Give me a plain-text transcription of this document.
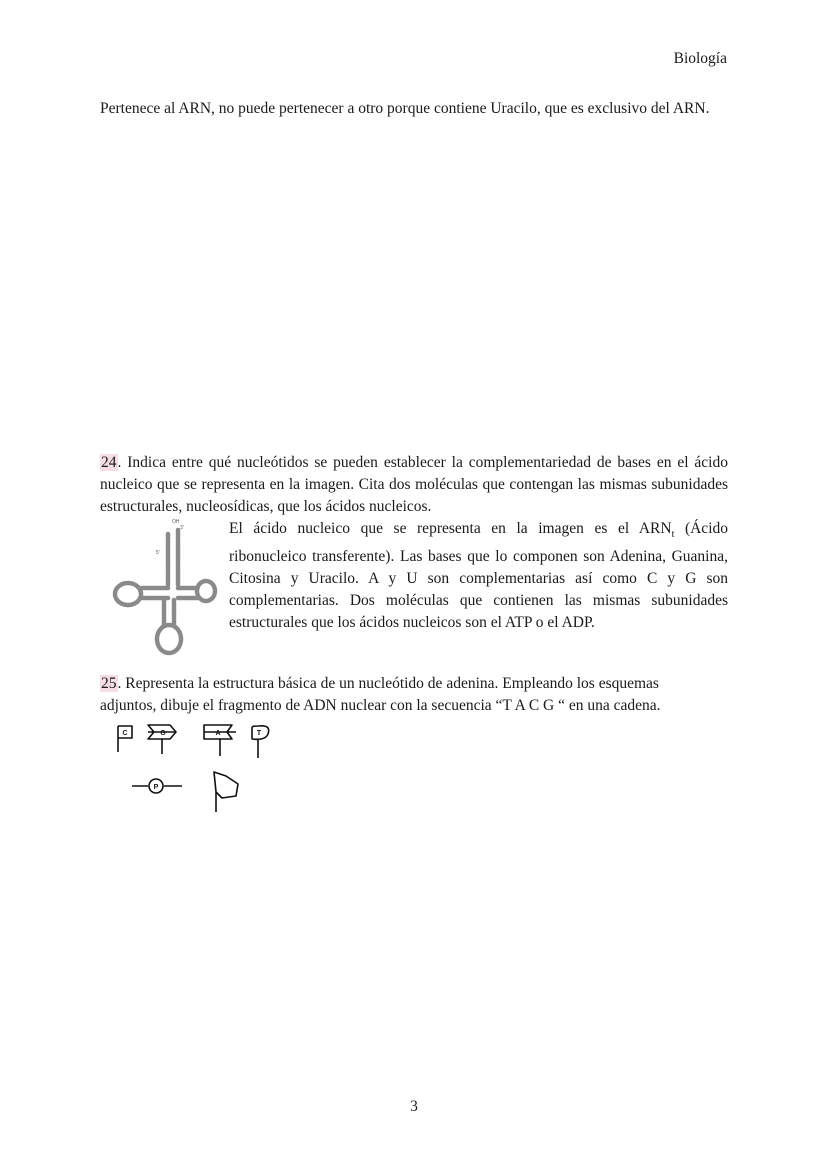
Biología
Pertenece al ARN, no puede pertenecer a otro porque contiene Uracilo, que es exclusivo del ARN.
24. Indica entre qué nucleótidos se pueden establecer la complementariedad de bases en el ácido nucleico que se representa en la imagen. Cita dos moléculas que contengan las mismas subunidades estructurales, nucleosídicas, que los ácidos nucleicos.
OH
3'
5'
El ácido nucleico que se representa en la imagen es el $ARN_t$ (Ácido ribonucleico transferente). Las bases que lo componen son Adenina, Guanina, Citosina y Uracilo. A y U son complementarias así como C y G son complementarias. Dos moléculas que contienen las mismas subunidades estructurales que los ácidos nucleicos son el ATP o el ADP.
25. Representa la estructura básica de un nucleótido de adenina. Empleando los esquemas adjuntos, dibuje el fragmento de ADN nuclear con la secuencia “T A C G “ en una cadena.
C	G	A	T
P
3
